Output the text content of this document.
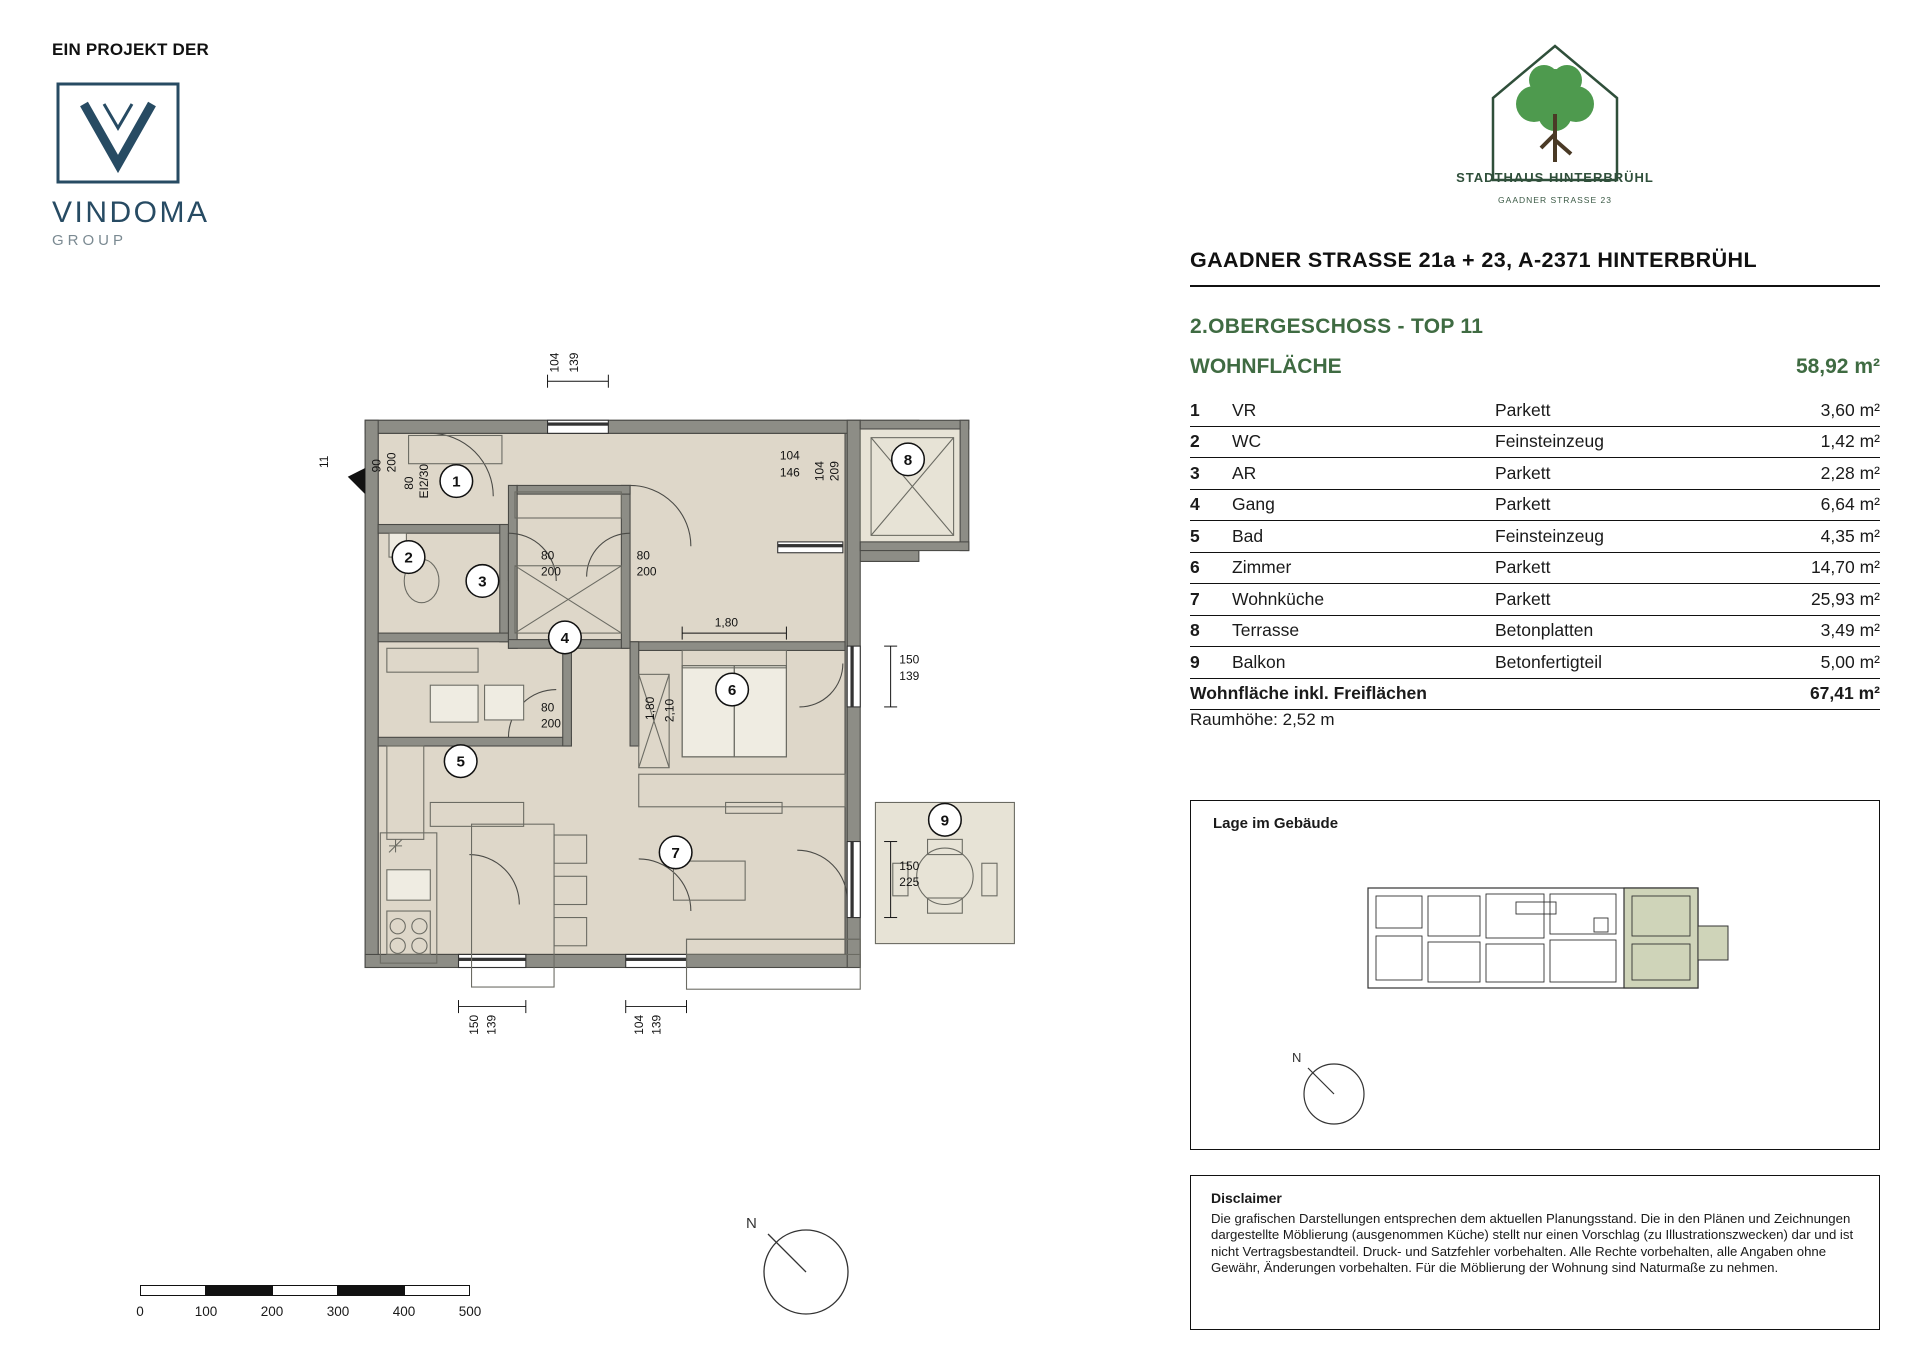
EIN PROJEKT DER
VINDOMA
GROUP
STADTHAUS HINTERBRÜHL
GAADNER STRASSE 23
GAADNER STRASSE 21a + 23, A-2371 HINTERBRÜHL
2.OBERGESCHOSS - TOP 11
WOHNFLÄCHE	58,92 m²
1	VR	Parkett	3,60 m²
2	WC	Feinsteinzeug	1,42 m²
3	AR	Parkett	2,28 m²
4	Gang	Parkett	6,64 m²
5	Bad	Feinsteinzeug	4,35 m²
6	Zimmer	Parkett	14,70 m²
7	Wohnküche	Parkett	25,93 m²
8	Terrasse	Betonplatten	3,49 m²
9	Balkon	Betonfertigteil	5,00 m²
Wohnfläche inkl. Freiflächen	67,41 m²
Raumhöhe: 2,52 m
Lage im Gebäude
N
Disclaimer

Die grafischen Darstellungen entsprechen dem aktuellen Planungsstand. Die in den Plänen und Zeichnungen dargestellte Möblierung (ausgenommen Küche) stellt nur einen Vorschlag (zu Illustrationszwecken) dar und ist nicht Vertragsbestandteil. Druck- und Satzfehler vorbehalten. Alle Rechte vorbehalten, alle Angaben ohne Gewähr, Änderungen vorbehalten. Für die Möblierung der Wohnung sind Naturmaße zu nehmen.

0	100	200	300	400	500
N
104 139
90 200
80 EI2/30
11	104
146 104 209
80
200
80
200
80
200
1,80
1,80 2,10
150
139
150
225
150 139	104 139
1
2
3
4
5
6
7
8
9
